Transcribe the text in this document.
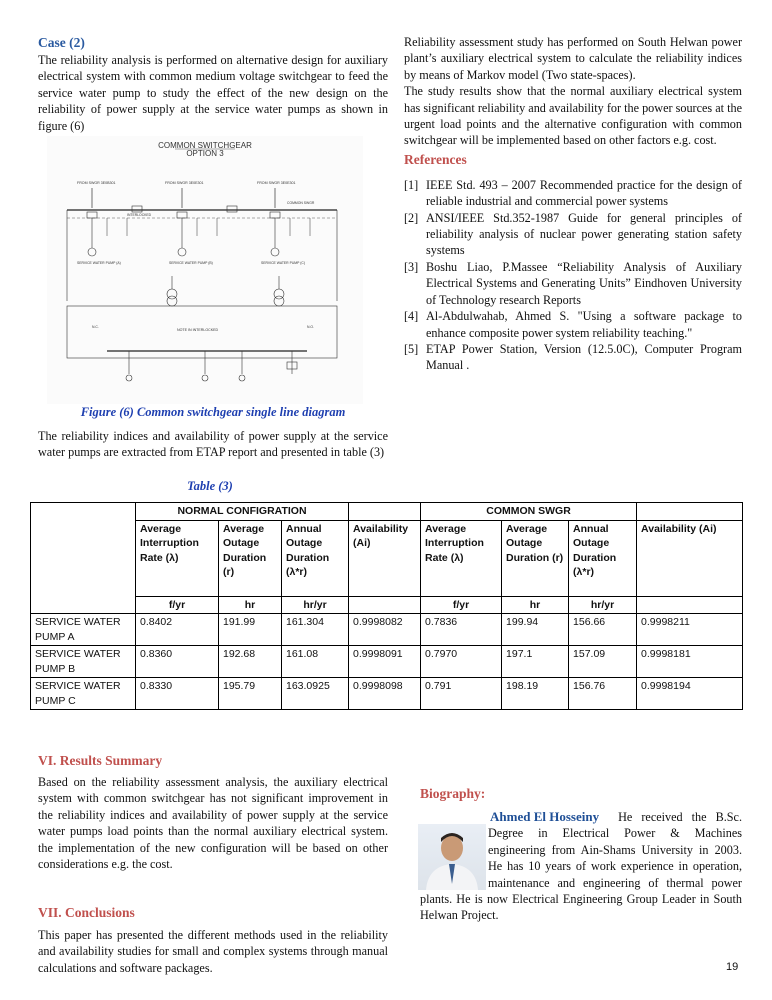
Case (2)
The reliability analysis is performed on alternative design for auxiliary electrical system with common medium voltage switchgear to feed the service water pump to study the effect of the new design on the reliability of power supply at the service water pumps as shown in figure (6)
COMMON SWITCHGEAR
OPTION 3
FROM SWGR 3E0B301	FROM SWGR 3E0E301	FROM SWGR 3E0E301
COMMON SWGR
INTERLOCKED
SERVICE WATER PUMP (A)	SERVICE WATER PUMP (B)	SERVICE WATER PUMP (C)
NOTE IN INTERLOCKED
N.C.	N.O.
Figure (6) Common switchgear single line diagram
The reliability indices and availability of power supply at the service water pumps are extracted from ETAP report and presented in table (3)
Table (3)
Reliability assessment study has performed on South Helwan power plant’s auxiliary electrical system to calculate the reliability indices by means of Markov model (Two state-spaces).
The study results show that the normal auxiliary electrical system has significant reliability and availability for the power sources at the urgent load points and the alternative configuration with common switchgear will be implemented based on other factors e.g. cost.
References
[1] IEEE Std. 493 – 2007 Recommended practice for the design of reliable industrial and commercial power systems
[2] ANSI/IEEE Std.352-1987 Guide for general principles of reliability analysis of nuclear power generating station safety systems
[3] Boshu Liao, P.Massee “Reliability Analysis of Auxiliary Electrical Systems and Generating Units” Eindhoven University of Technology research Reports
[4] Al-Abdulwahab, Ahmed S. "Using a software package to enhance composite power system reliability teaching."
[5] ETAP Power Station, Version (12.5.0C), Computer Program Manual .
	NORMAL CONFIGRATION				COMMON SWGR			
	Average Interruption Rate (λ)	Average Outage Duration (r)	Annual Outage Duration (λ*r)	Availability (Ai)	Average Interruption Rate (λ)	Average Outage Duration (r)	Annual Outage Duration (λ*r)	Availability (Ai)
	f/yr	hr	hr/yr		f/yr	hr	hr/yr	
SERVICE WATER PUMP A	0.8402	191.99	161.304	0.9998082	0.7836	199.94	156.66	0.9998211
SERVICE WATER PUMP B	0.8360	192.68	161.08	0.9998091	0.7970	197.1	157.09	0.9998181
SERVICE WATER PUMP C	0.8330	195.79	163.0925	0.9998098	0.791	198.19	156.76	0.9998194
VI. Results Summary
Based on the reliability assessment analysis, the auxiliary electrical system with common switchgear has not significant improvement in the reliability indices and availability of power supply at the service water pumps load points than the normal auxiliary electrical system. the implementation of the new configuration will be based on other considerations e.g. the cost.
VII. Conclusions
This paper has presented the different methods used in the reliability and availability studies for small and complex systems through manual calculations and software packages.
Biography:
Ahmed El Hosseiny	He received the B.Sc. Degree in Electrical Power & Machines engineering from Ain-Shams University in 2003. He has 10 years of work experience in operation, maintenance and engineering of thermal power plants. He is now Electrical Engineering Group Leader in South Helwan Project.
19
